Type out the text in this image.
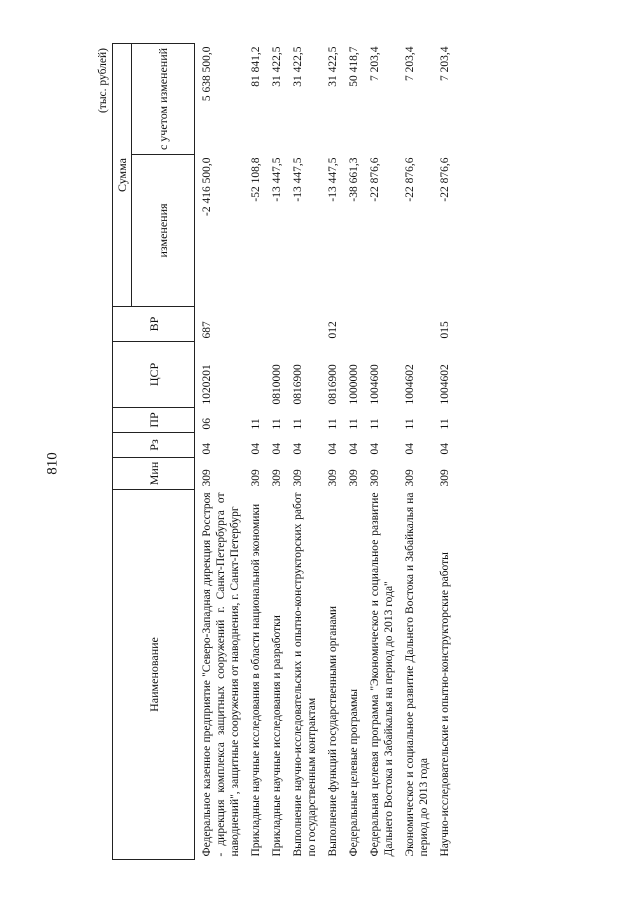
810
(тыс. рублей)
Наименование	Мин	Рз	ПР	ЦСР	ВР	Сумма	
						изменения	с учетом изменений
Федеральное казенное предприятие "Северо-Западная дирекция Росстроя - дирекция комплекса защитных сооружений г. Санкт-Петербурга от наводнений", защитные сооружения от наводнения, г. Санкт-Петербург	309	04	06	1020201	687	-2 416 500,0	5 638 500,0
Прикладные научные исследования в области национальной экономики	309	04	11			-52 108,8	81 841,2
Прикладные научные исследования и разработки	309	04	11	0810000		-13 447,5	31 422,5
Выполнение научно-исследовательских и опытно-конструкторских работ по государственным контрактам	309	04	11	0816900		-13 447,5	31 422,5
Выполнение функций государственными органами	309	04	11	0816900	012	-13 447,5	31 422,5
Федеральные целевые программы	309	04	11	1000000		-38 661,3	50 418,7
Федеральная целевая программа "Экономическое и социальное развитие Дальнего Востока и Забайкалья на период до 2013 года"	309	04	11	1004600		-22 876,6	7 203,4
Экономическое и социальное развитие Дальнего Востока и Забайкалья на период до 2013 года	309	04	11	1004602		-22 876,6	7 203,4
Научно-исследовательские и опытно-конструкторские работы	309	04	11	1004602	015	-22 876,6	7 203,4
